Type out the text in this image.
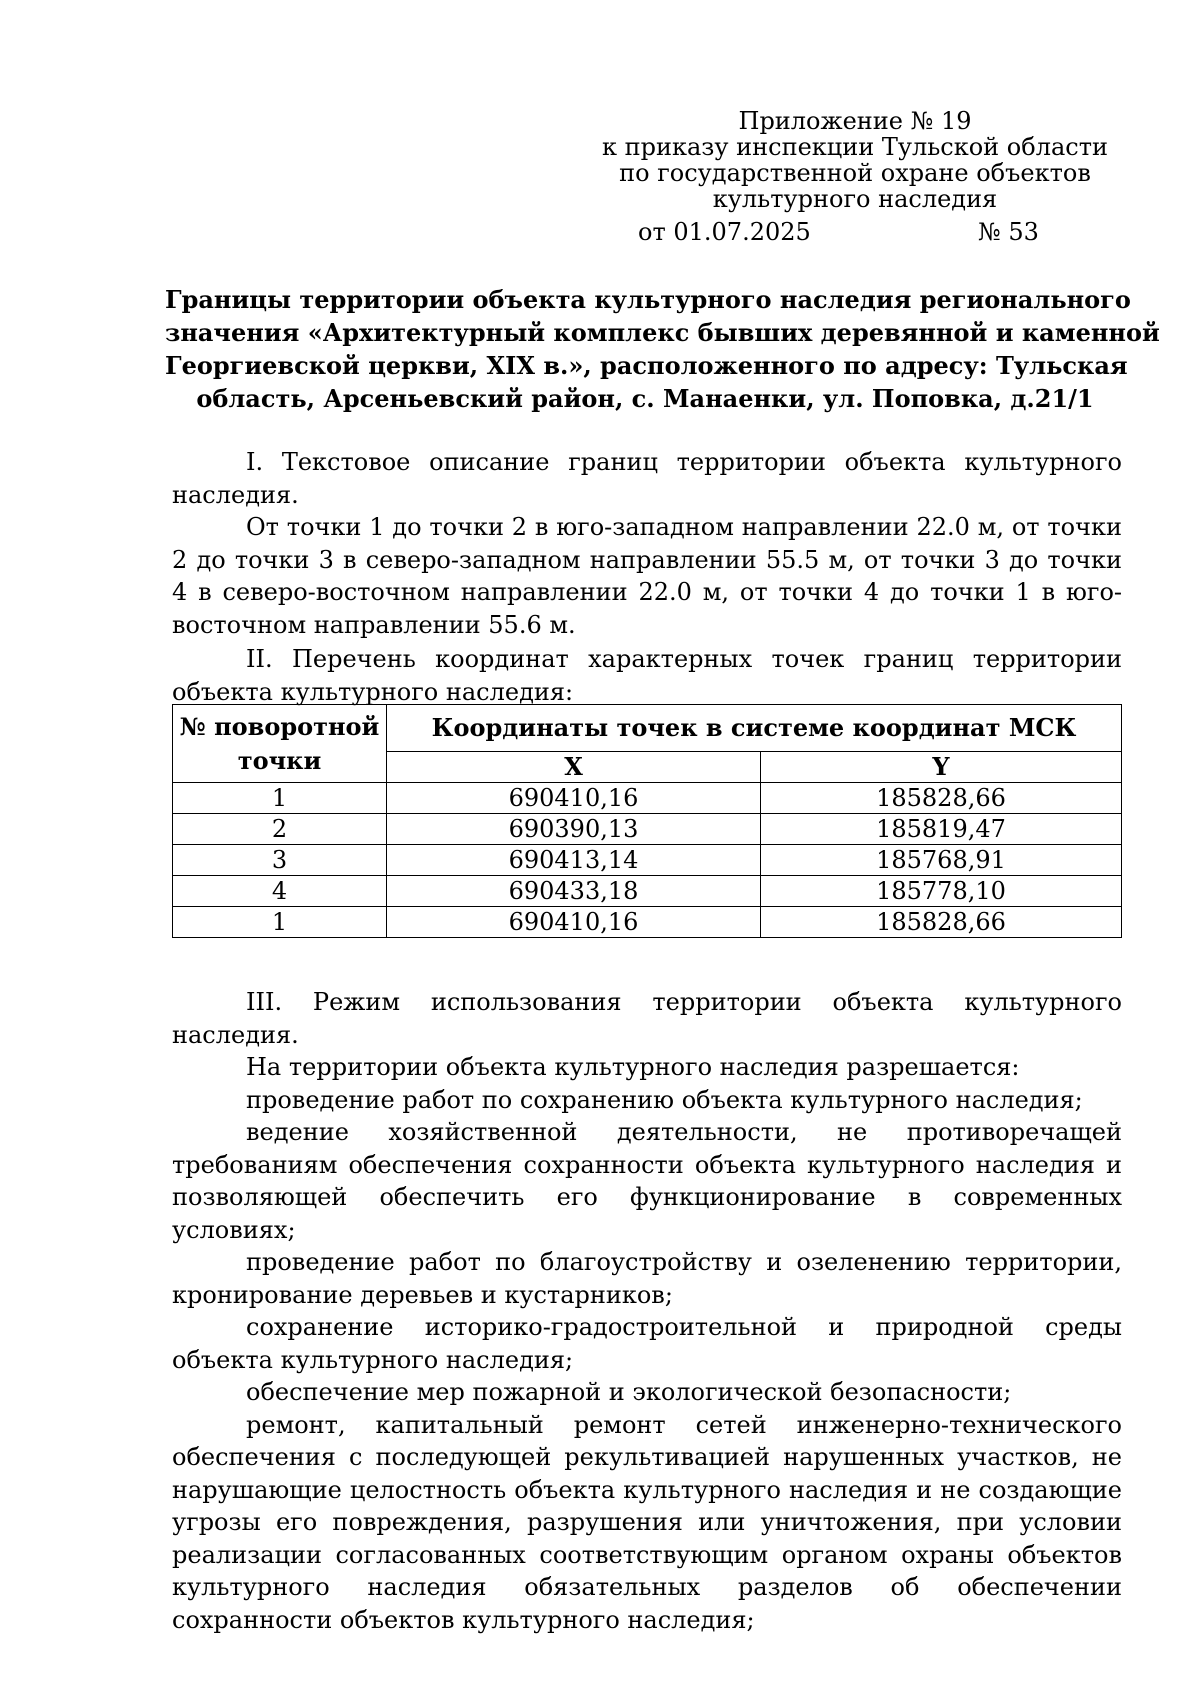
Приложение № 19
к приказу инспекции Тульской области
по государственной охране объектов
культурного наследия
от 01.07.2025	№ 53
Границы территории объекта культурного наследия регионального
значения «Архитектурный комплекс бывших деревянной и каменной
Георгиевской церкви, XIX в.», расположенного по адресу: Тульская
область, Арсеньевский район, с. Манаенки, ул. Поповка, д.21/1

I. Текстовое описание границ территории объекта культурного наследия.

От точки 1 до точки 2 в юго-западном направлении 22.0 м, от точки 2 до точки 3 в северо-западном направлении 55.5 м, от точки 3 до точки 4 в северо-восточном направлении 22.0 м, от точки 4 до точки 1 в юго-восточном направлении 55.6 м.

II. Перечень координат характерных точек границ территории объекта культурного наследия:

№ поворотной точки	Координаты точек в системе координат МСК	
	X	Y
1	690410,16	185828,66
2	690390,13	185819,47
3	690413,14	185768,91
4	690433,18	185778,10
1	690410,16	185828,66

III. Режим использования территории объекта культурного наследия.

На территории объекта культурного наследия разрешается:

проведение работ по сохранению объекта культурного наследия;

ведение хозяйственной деятельности, не противоречащей требованиям обеспечения сохранности объекта культурного наследия и позволяющей обеспечить его функционирование в современных условиях;

проведение работ по благоустройству и озеленению территории, кронирование деревьев и кустарников;

сохранение историко-градостроительной и природной среды объекта культурного наследия;

обеспечение мер пожарной и экологической безопасности;

ремонт, капитальный ремонт сетей инженерно-технического обеспечения с последующей рекультивацией нарушенных участков, не нарушающие целостность объекта культурного наследия и не создающие угрозы его повреждения, разрушения или уничтожения, при условии реализации согласованных соответствующим органом охраны объектов культурного наследия обязательных разделов об обеспечении сохранности объектов культурного наследия;
